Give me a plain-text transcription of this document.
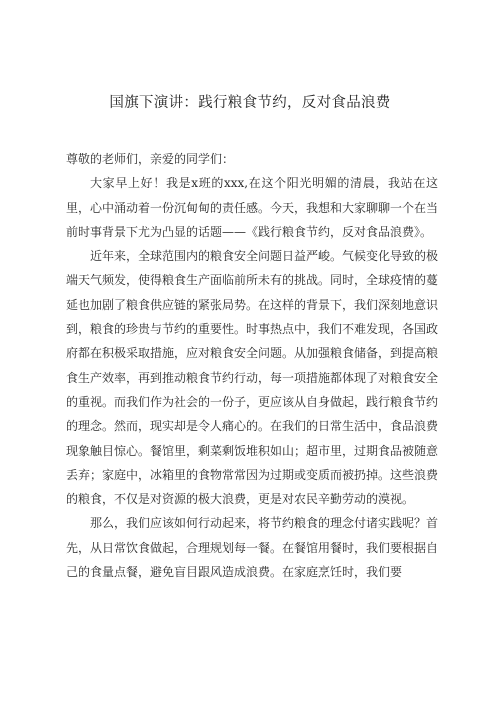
国旗下演讲：践行粮食节约，反对食品浪费

尊敬的老师们，亲爱的同学们：

大家早上好！我是x班的xxx,在这个阳光明媚的清晨，我站在这里，心中涌动着一份沉甸甸的责任感。今天，我想和大家聊聊一个在当前时事背景下尤为凸显的话题——《践行粮食节约，反对食品浪费》。

近年来，全球范围内的粮食安全问题日益严峻。气候变化导致的极端天气频发，使得粮食生产面临前所未有的挑战。同时，全球疫情的蔓延也加剧了粮食供应链的紧张局势。在这样的背景下，我们深刻地意识到，粮食的珍贵与节约的重要性。时事热点中，我们不难发现，各国政府都在积极采取措施，应对粮食安全问题。从加强粮食储备，到提高粮食生产效率，再到推动粮食节约行动，每一项措施都体现了对粮食安全的重视。而我们作为社会的一份子，更应该从自身做起，践行粮食节约的理念。然而，现实却是令人痛心的。在我们的日常生活中，食品浪费现象触目惊心。餐馆里，剩菜剩饭堆积如山；超市里，过期食品被随意丢弃；家庭中，冰箱里的食物常常因为过期或变质而被扔掉。这些浪费的粮食，不仅是对资源的极大浪费，更是对农民辛勤劳动的漠视。

那么，我们应该如何行动起来，将节约粮食的理念付诸实践呢？首先，从日常饮食做起，合理规划每一餐。在餐馆用餐时，我们要根据自己的食量点餐，避免盲目跟风造成浪费。在家庭烹饪时，我们要
